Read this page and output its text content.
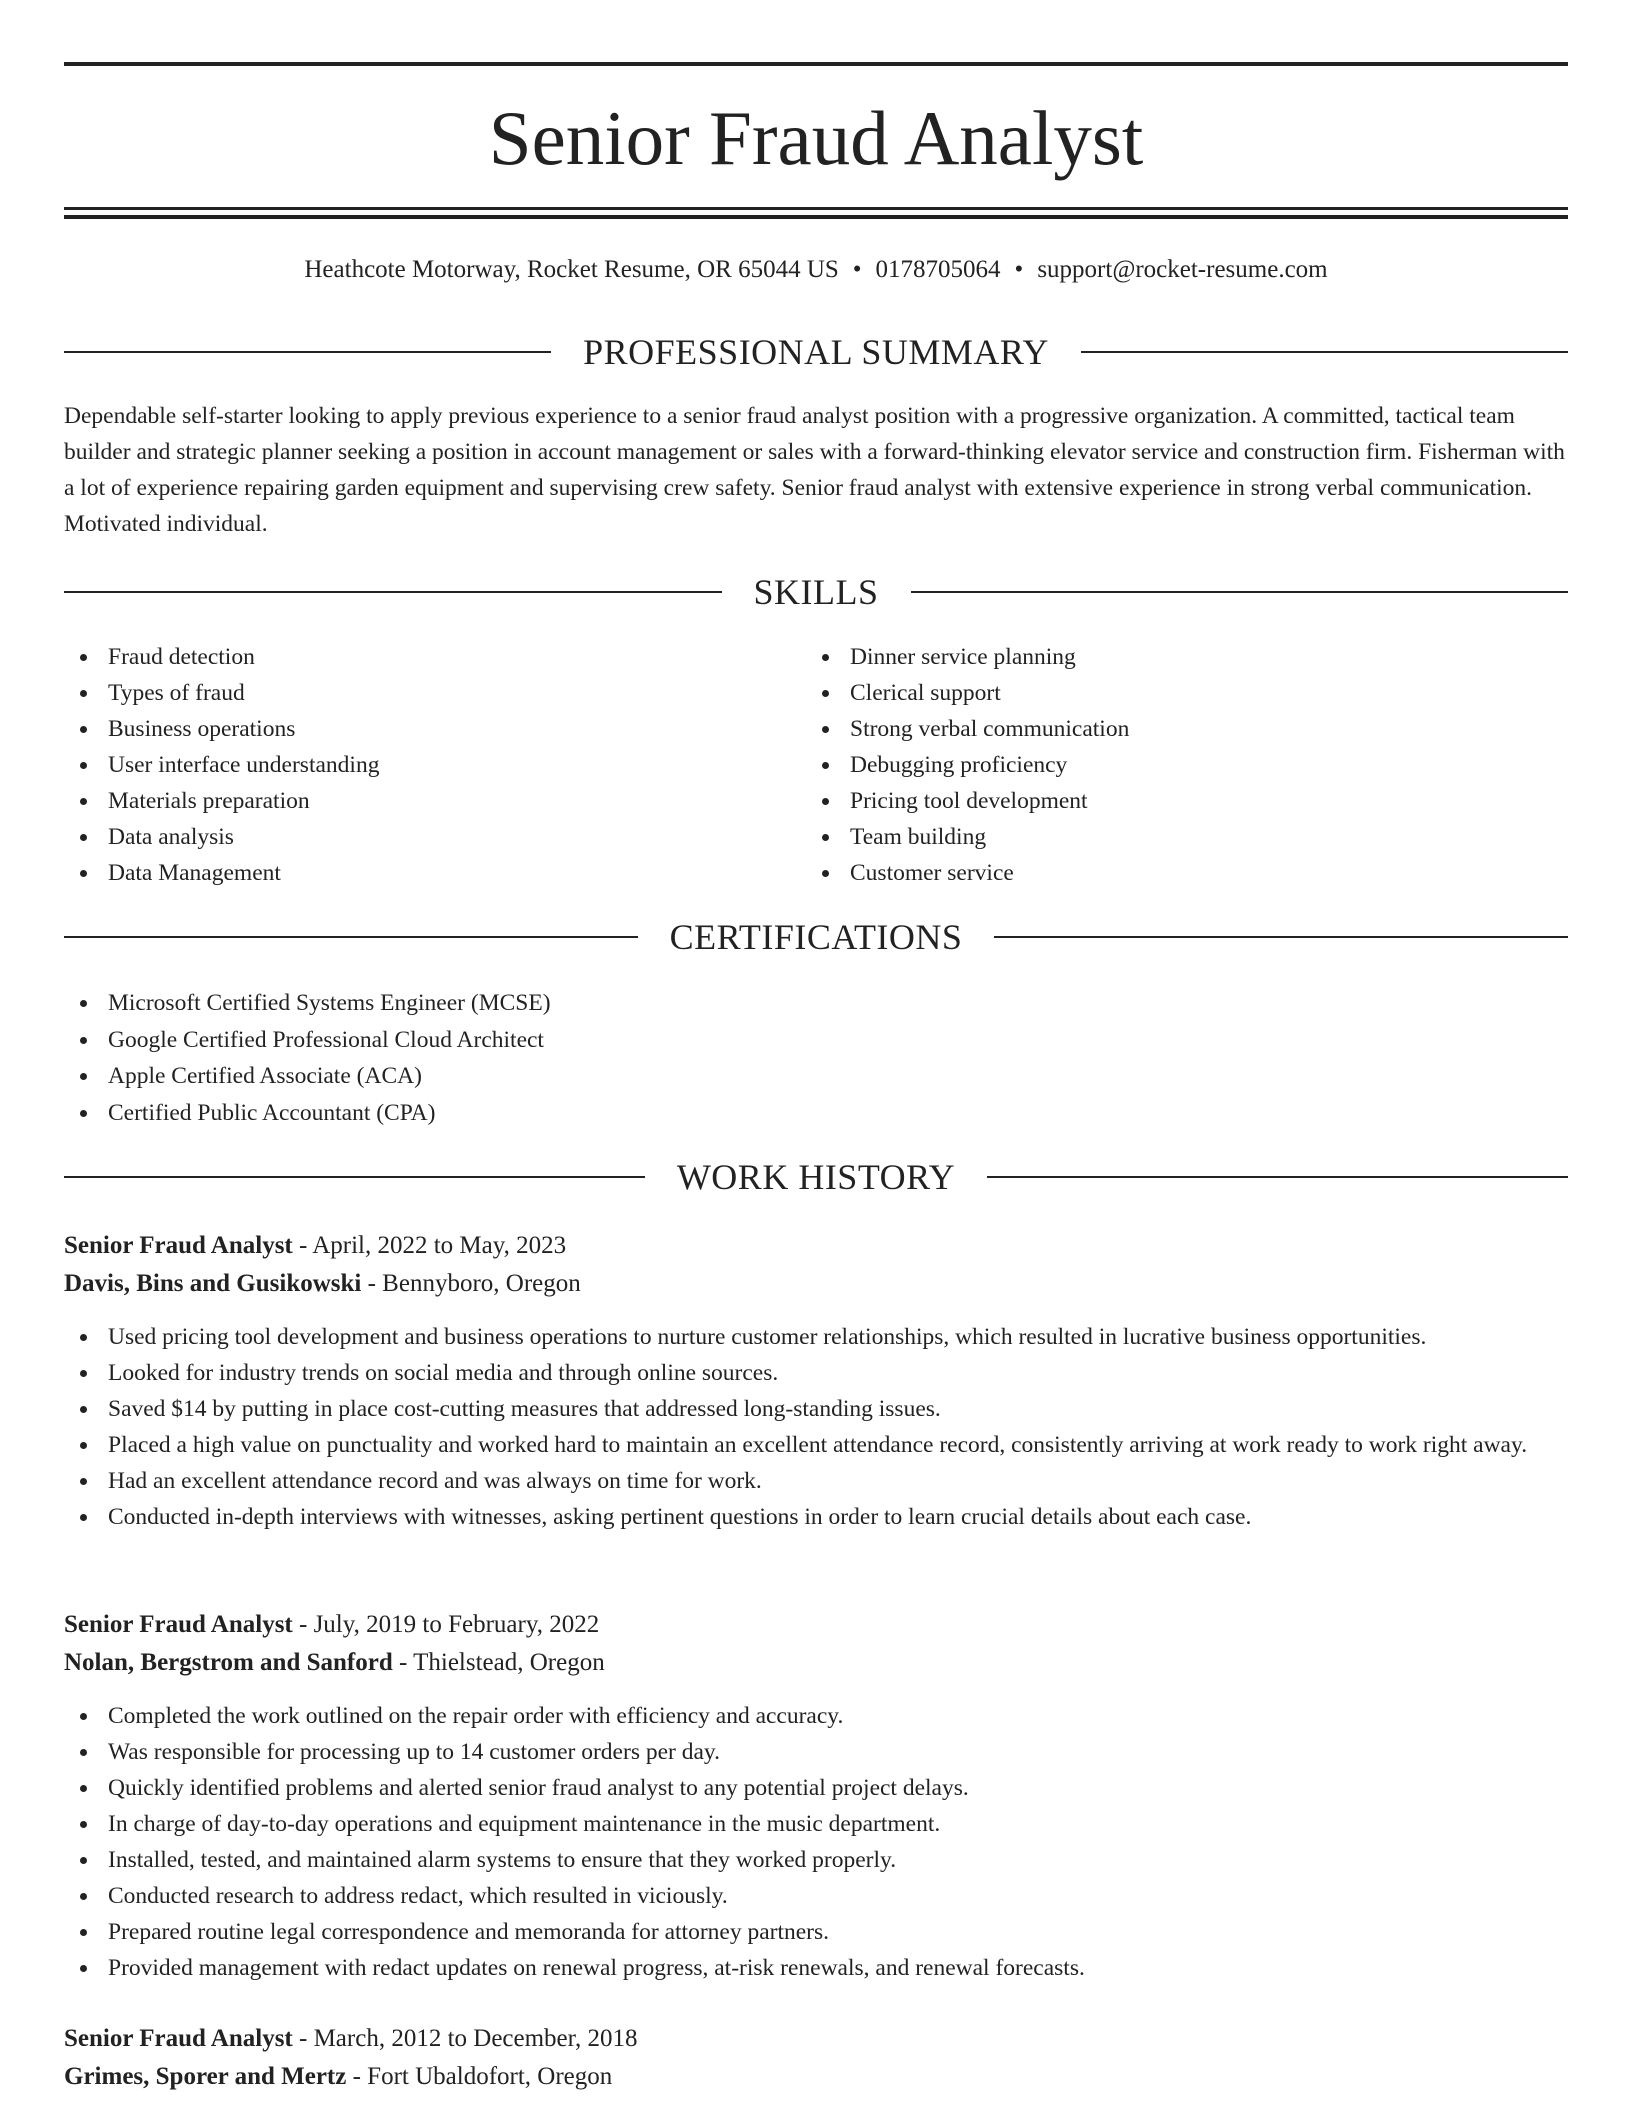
Senior Fraud Analyst
Heathcote Motorway, Rocket Resume, OR 65044 US • 0178705064 • support@rocket-resume.com
PROFESSIONAL SUMMARY
Dependable self-starter looking to apply previous experience to a senior fraud analyst position with a progressive organization. A committed, tactical team builder and strategic planner seeking a position in account management or sales with a forward-thinking elevator service and construction firm. Fisherman with a lot of experience repairing garden equipment and supervising crew safety. Senior fraud analyst with extensive experience in strong verbal communication. Motivated individual.
SKILLS
Fraud detection
Types of fraud
Business operations
User interface understanding
Materials preparation
Data analysis
Data Management
Dinner service planning
Clerical support
Strong verbal communication
Debugging proficiency
Pricing tool development
Team building
Customer service
CERTIFICATIONS
Microsoft Certified Systems Engineer (MCSE)
Google Certified Professional Cloud Architect
Apple Certified Associate (ACA)
Certified Public Accountant (CPA)
WORK HISTORY
Senior Fraud Analyst - April, 2022 to May, 2023
Davis, Bins and Gusikowski - Bennyboro, Oregon
Used pricing tool development and business operations to nurture customer relationships, which resulted in lucrative business opportunities.
Looked for industry trends on social media and through online sources.
Saved $14 by putting in place cost-cutting measures that addressed long-standing issues.
Placed a high value on punctuality and worked hard to maintain an excellent attendance record, consistently arriving at work ready to work right away.
Had an excellent attendance record and was always on time for work.
Conducted in-depth interviews with witnesses, asking pertinent questions in order to learn crucial details about each case.
Senior Fraud Analyst - July, 2019 to February, 2022
Nolan, Bergstrom and Sanford - Thielstead, Oregon
Completed the work outlined on the repair order with efficiency and accuracy.
Was responsible for processing up to 14 customer orders per day.
Quickly identified problems and alerted senior fraud analyst to any potential project delays.
In charge of day-to-day operations and equipment maintenance in the music department.
Installed, tested, and maintained alarm systems to ensure that they worked properly.
Conducted research to address redact, which resulted in viciously.
Prepared routine legal correspondence and memoranda for attorney partners.
Provided management with redact updates on renewal progress, at-risk renewals, and renewal forecasts.
Senior Fraud Analyst - March, 2012 to December, 2018
Grimes, Sporer and Mertz - Fort Ubaldofort, Oregon
